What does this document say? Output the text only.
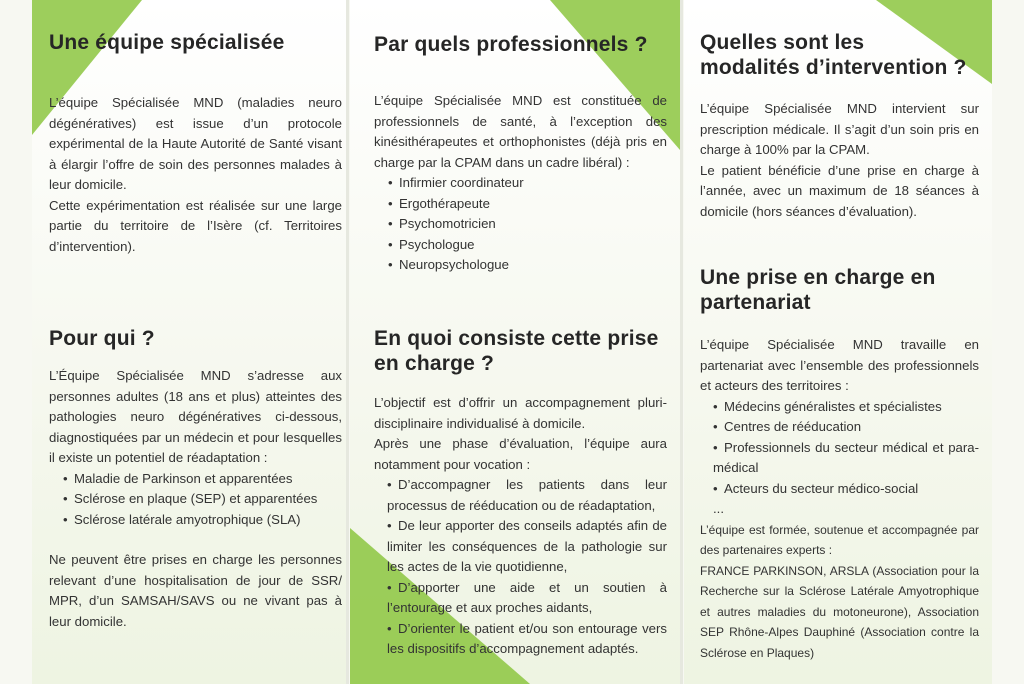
Une équipe spécialisée

L’équipe Spécialisée MND (maladies neuro dégénératives) est issue d’un protocole expérimental de la Haute Autorité de Santé visant à élargir l’offre de soin des personnes malades à leur domicile.

Cette expérimentation est réalisée sur une large partie du territoire de l’Isère (cf. Territoires d’intervention).

Pour qui ?

L’Équipe Spécialisée MND s’adresse aux personnes adultes (18 ans et plus) atteintes des pathologies neuro dégénératives ci-dessous, diagnostiquées par un médecin et pour lesquelles il existe un potentiel de réadaptation :

• Maladie de Parkinson et apparentées
• Sclérose en plaque (SEP) et apparentées
• Sclérose latérale amyotrophique (SLA)

Ne peuvent être prises en charge les personnes relevant d’une hospitalisation de jour de SSR/ MPR, d’un SAMSAH/SAVS ou ne vivant pas à leur domicile.

Par quels professionnels ?

L’équipe Spécialisée MND est constituée de professionnels de santé, à l’exception des kinésithérapeutes et orthophonistes (déjà pris en charge par la CPAM dans un cadre libéral) :

• Infirmier coordinateur
• Ergothérapeute
• Psychomotricien
• Psychologue
• Neuropsychologue
En quoi consiste cette prise
en charge ?

L’objectif est d’offrir un accompagnement pluri-disciplinaire individualisé à domicile.

Après une phase d’évaluation, l’équipe aura notamment pour vocation :

• D’accompagner les patients dans leur processus de rééducation ou de réadaptation,
• De leur apporter des conseils adaptés afin de limiter les conséquences de la pathologie sur les actes de la vie quotidienne,
• D’apporter une aide et un soutien à l’entourage et aux proches aidants,
• D’orienter le patient et/ou son entourage vers les dispositifs d’accompagnement adaptés.
Quelles sont les
modalités d’intervention ?

L’équipe Spécialisée MND intervient sur prescription médicale. Il s’agit d’un soin pris en charge à 100% par la CPAM.

Le patient bénéficie d’une prise en charge à l’année, avec un maximum de 18 séances à domicile (hors séances d’évaluation).

Une prise en charge en
partenariat

L’équipe Spécialisée MND travaille en partenariat avec l’ensemble des professionnels et acteurs des territoires :

• Médecins généralistes et spécialistes
• Centres de rééducation
• Professionnels du secteur médical et para-médical
• Acteurs du secteur médico-social

...

L’équipe est formée, soutenue et accompagnée par des partenaires experts :

FRANCE PARKINSON, ARSLA (Association pour la Recherche sur la Sclérose Latérale Amyotrophique et autres maladies du motoneurone), Association SEP Rhône-Alpes Dauphiné (Association contre la Sclérose en Plaques)
